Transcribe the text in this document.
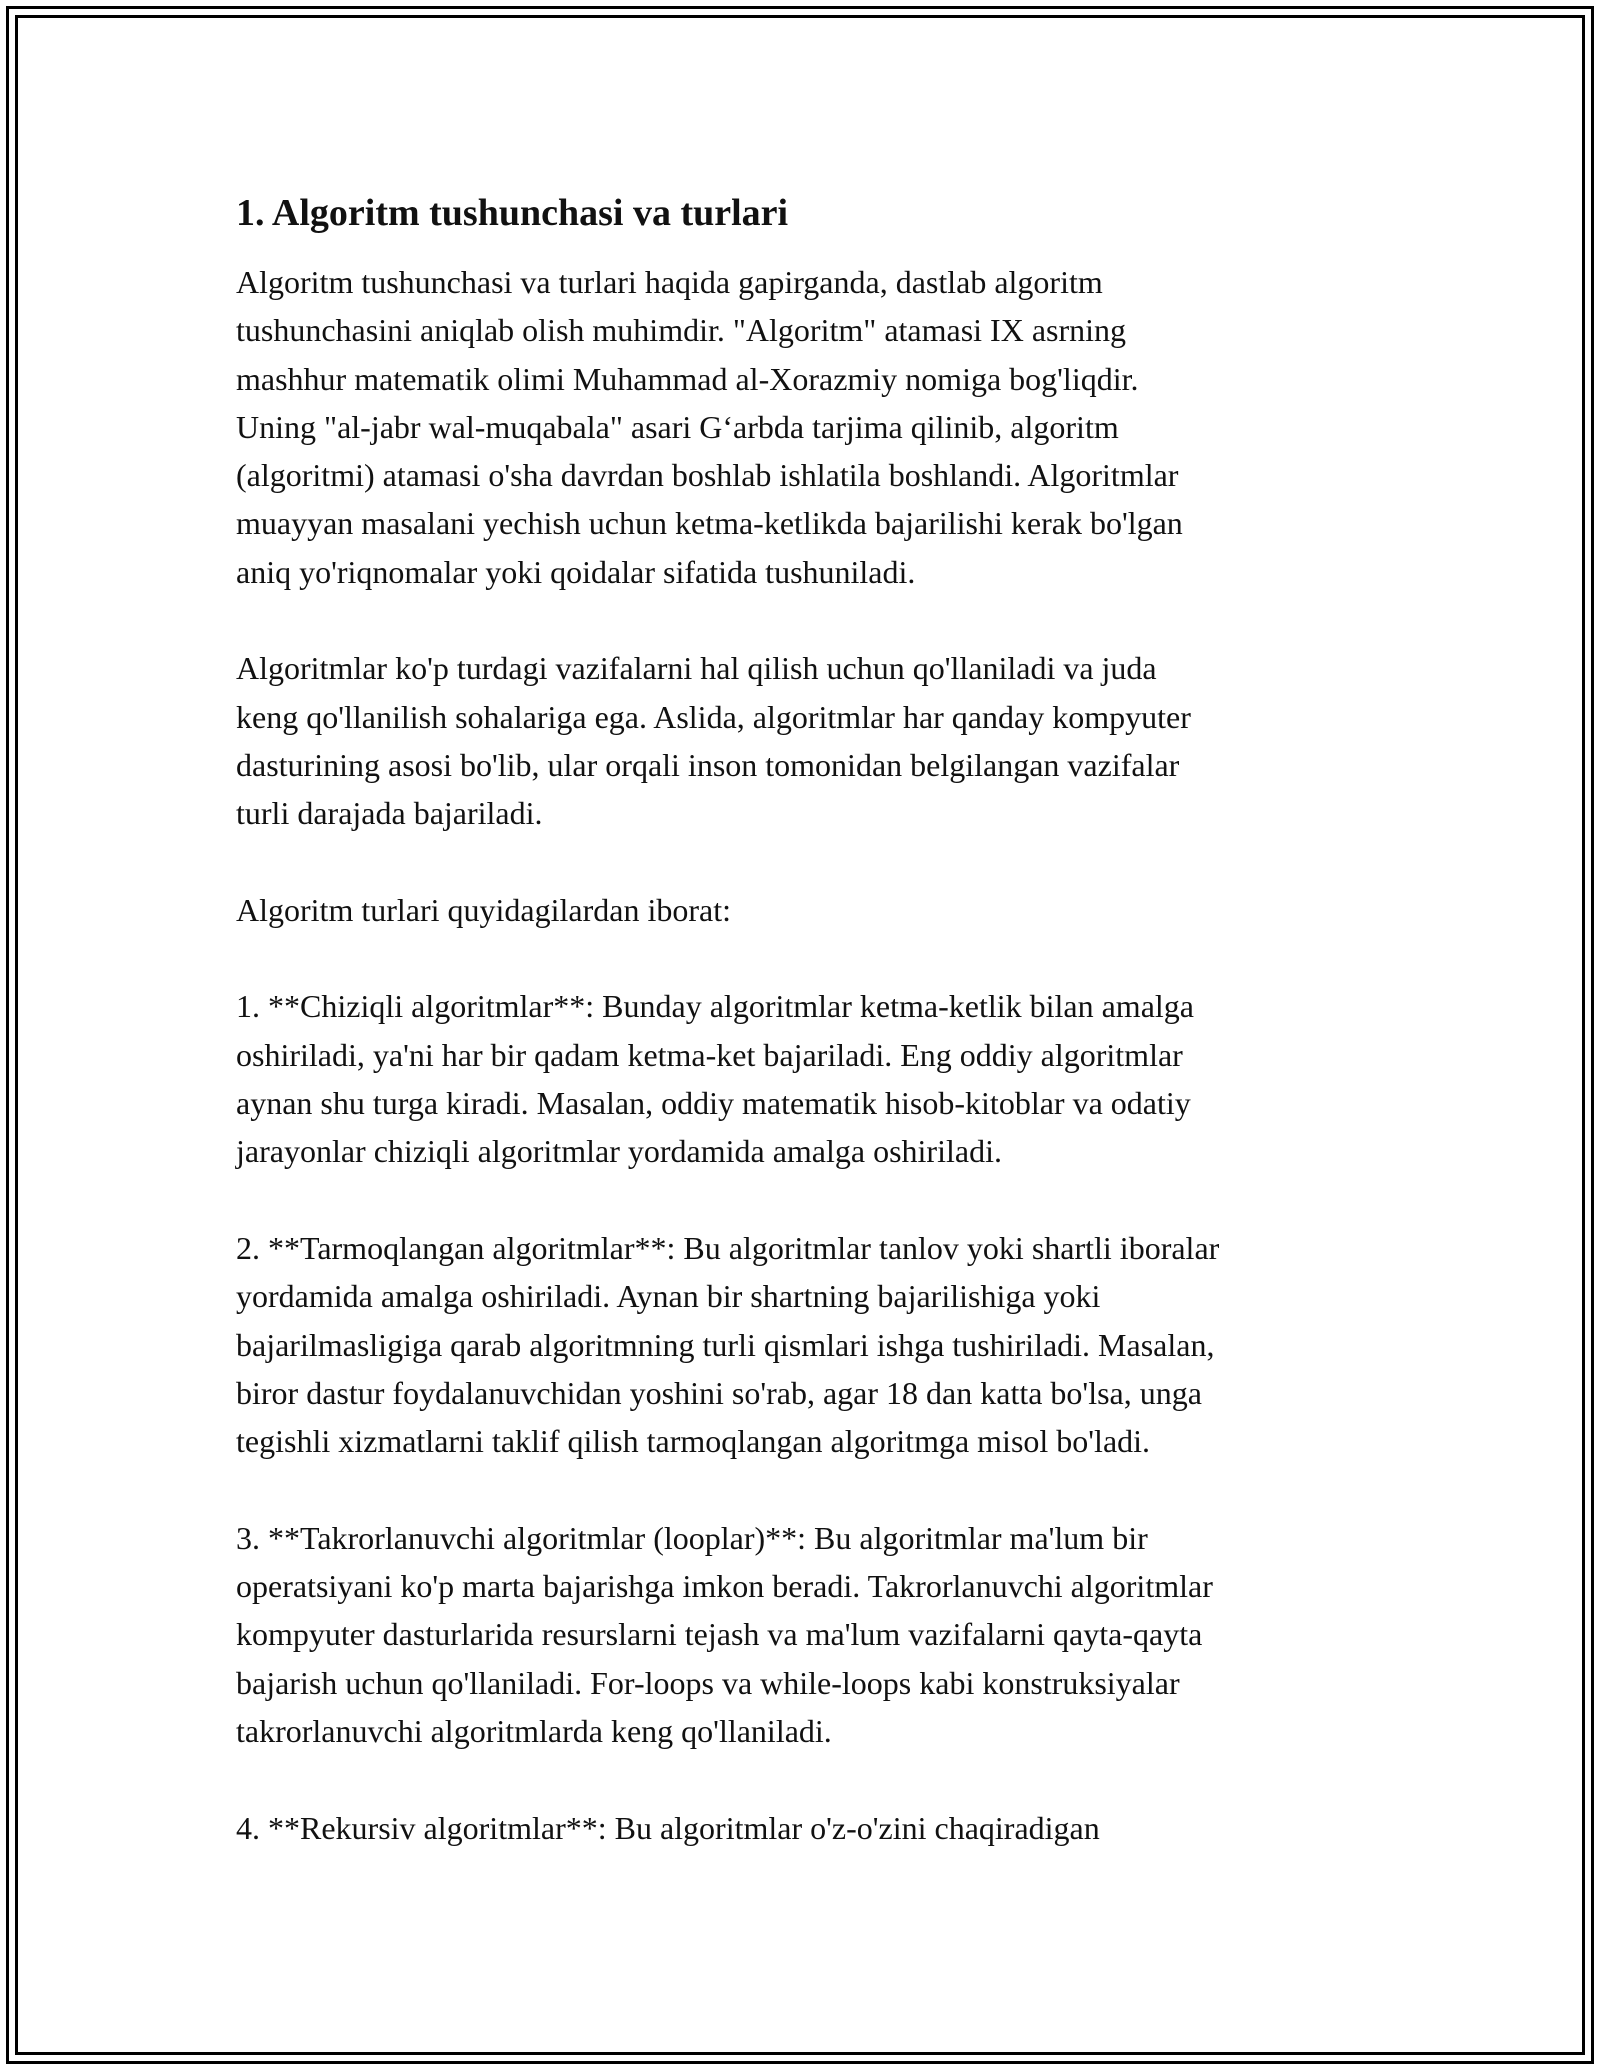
1. Algoritm tushunchasi va turlari

Algoritm tushunchasi va turlari haqida gapirganda, dastlab algoritm
tushunchasini aniqlab olish muhimdir. "Algoritm" atamasi IX asrning
mashhur matematik olimi Muhammad al-Xorazmiy nomiga bog'liqdir.
Uning "al-jabr wal-muqabala" asari G‘arbda tarjima qilinib, algoritm
(algoritmi) atamasi o'sha davrdan boshlab ishlatila boshlandi. Algoritmlar
muayyan masalani yechish uchun ketma-ketlikda bajarilishi kerak bo'lgan
aniq yo'riqnomalar yoki qoidalar sifatida tushuniladi.

Algoritmlar ko'p turdagi vazifalarni hal qilish uchun qo'llaniladi va juda
keng qo'llanilish sohalariga ega. Aslida, algoritmlar har qanday kompyuter
dasturining asosi bo'lib, ular orqali inson tomonidan belgilangan vazifalar
turli darajada bajariladi.

Algoritm turlari quyidagilardan iborat:

1. **Chiziqli algoritmlar**: Bunday algoritmlar ketma-ketlik bilan amalga
oshiriladi, ya'ni har bir qadam ketma-ket bajariladi. Eng oddiy algoritmlar
aynan shu turga kiradi. Masalan, oddiy matematik hisob-kitoblar va odatiy
jarayonlar chiziqli algoritmlar yordamida amalga oshiriladi.

2. **Tarmoqlangan algoritmlar**: Bu algoritmlar tanlov yoki shartli iboralar
yordamida amalga oshiriladi. Aynan bir shartning bajarilishiga yoki
bajarilmasligiga qarab algoritmning turli qismlari ishga tushiriladi. Masalan,
biror dastur foydalanuvchidan yoshini so'rab, agar 18 dan katta bo'lsa, unga
tegishli xizmatlarni taklif qilish tarmoqlangan algoritmga misol bo'ladi.

3. **Takrorlanuvchi algoritmlar (looplar)**: Bu algoritmlar ma'lum bir
operatsiyani ko'p marta bajarishga imkon beradi. Takrorlanuvchi algoritmlar
kompyuter dasturlarida resurslarni tejash va ma'lum vazifalarni qayta-qayta
bajarish uchun qo'llaniladi. For-loops va while-loops kabi konstruksiyalar
takrorlanuvchi algoritmlarda keng qo'llaniladi.

4. **Rekursiv algoritmlar**: Bu algoritmlar o'z-o'zini chaqiradigan
